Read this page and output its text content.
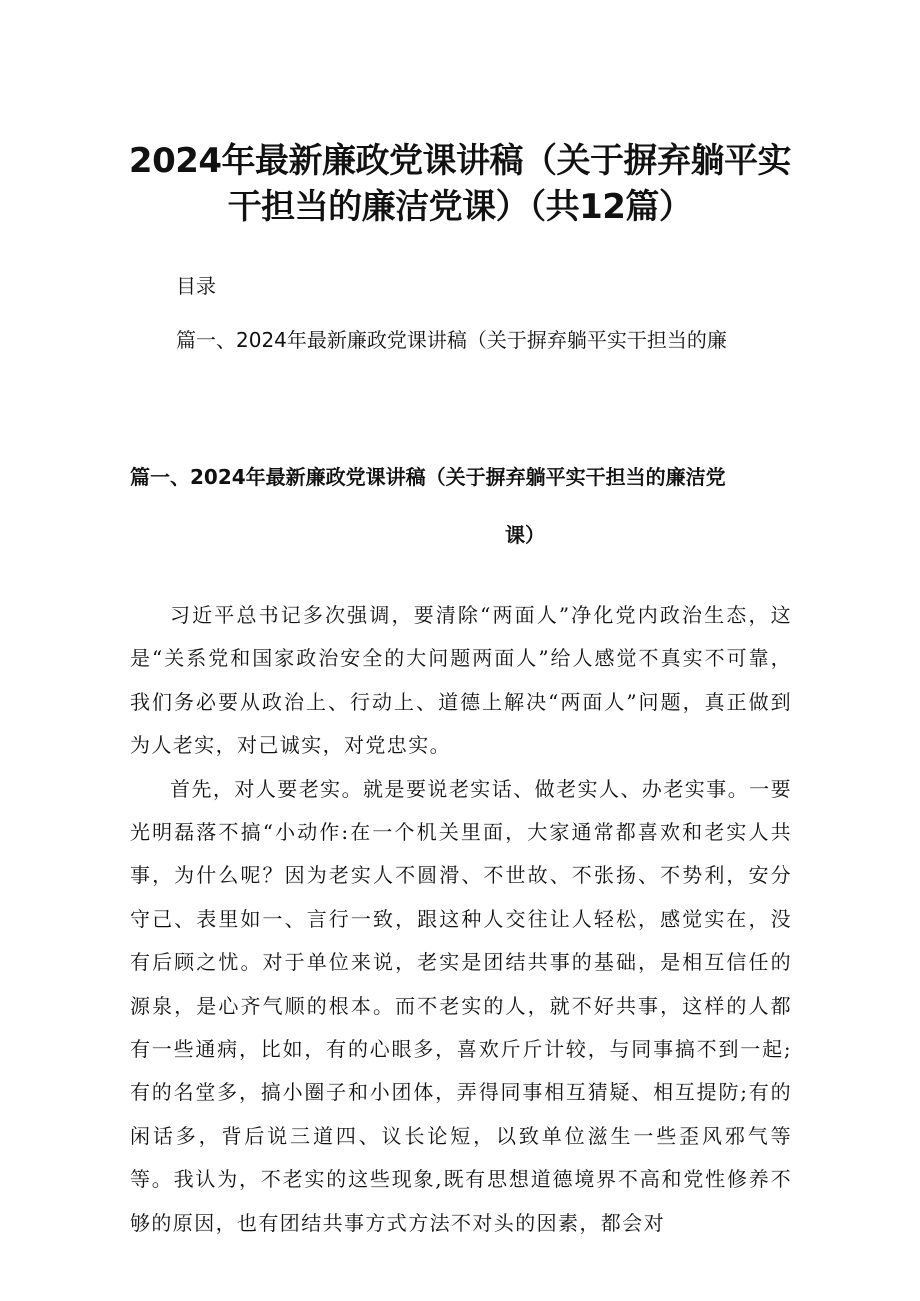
2024年最新廉政党课讲稿（关于摒弃躺平实干担当的廉洁党课）（共12篇）
目录
篇一、2024年最新廉政党课讲稿（关于摒弃躺平实干担当的廉
篇一、2024年最新廉政党课讲稿（关于摒弃躺平实干担当的廉洁党
课）

习近平总书记多次强调，要清除“两面人”净化党内政治生态，这是“关系党和国家政治安全的大问题两面人”给人感觉不真实不可靠，我们务必要从政治上、行动上、道德上解决“两面人”问题，真正做到为人老实，对己诚实，对党忠实。

首先，对人要老实。就是要说老实话、做老实人、办老实事。一要光明磊落不搞“小动作:在一个机关里面，大家通常都喜欢和老实人共事，为什么呢？因为老实人不圆滑、不世故、不张扬、不势利，安分守己、表里如一、言行一致，跟这种人交往让人轻松，感觉实在，没有后顾之忧。对于单位来说，老实是团结共事的基础，是相互信任的源泉，是心齐气顺的根本。而不老实的人，就不好共事，这样的人都有一些通病，比如，有的心眼多，喜欢斤斤计较，与同事搞不到一起;有的名堂多，搞小圈子和小团体，弄得同事相互猜疑、相互提防;有的闲话多，背后说三道四、议长论短，以致单位滋生一些歪风邪气等等。我认为，不老实的这些现象,既有思想道德境界不高和党性修养不够的原因，也有团结共事方式方法不对头的因素，都会对
